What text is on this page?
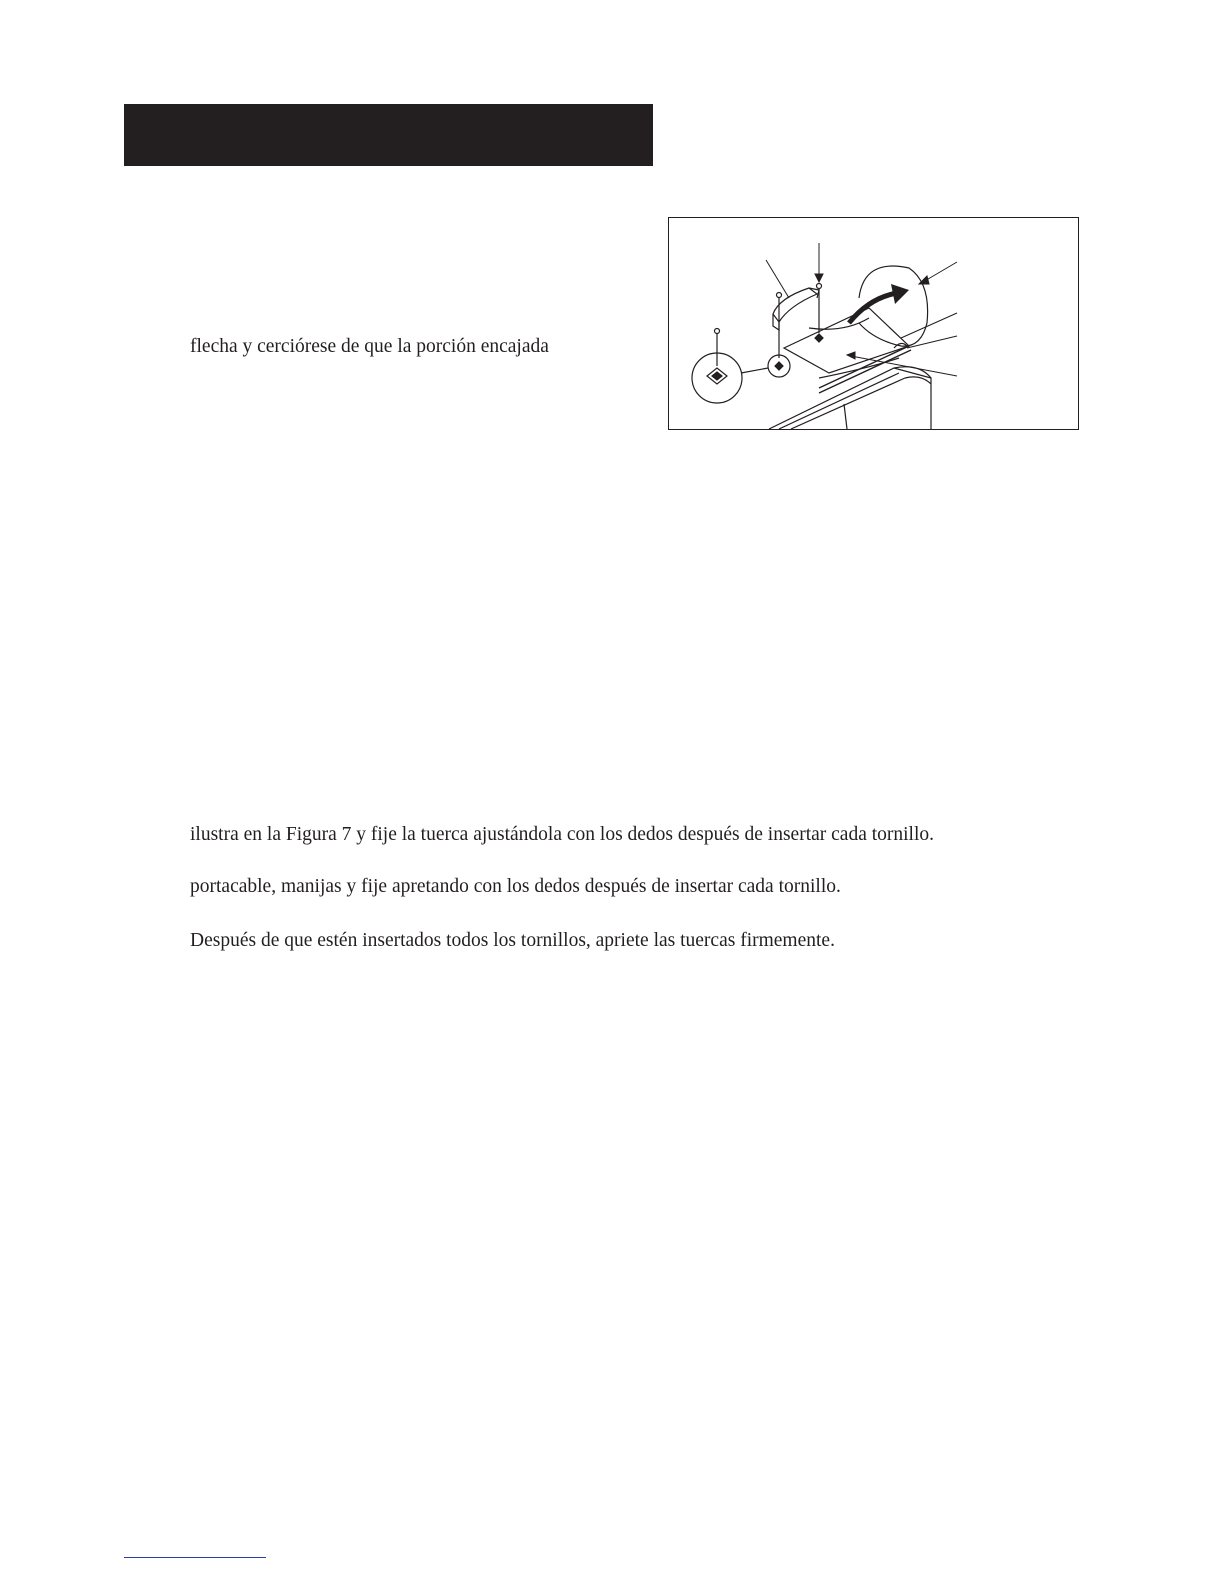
flecha y cerciórese de que la porción encajada

ilustra en la Figura 7 y fije la tuerca ajustándola con los dedos después de insertar cada tornillo.

portacable, manijas y fije apretando con los dedos después de insertar cada tornillo.

Después de que estén insertados todos los tornillos, apriete las tuercas firmemente.
